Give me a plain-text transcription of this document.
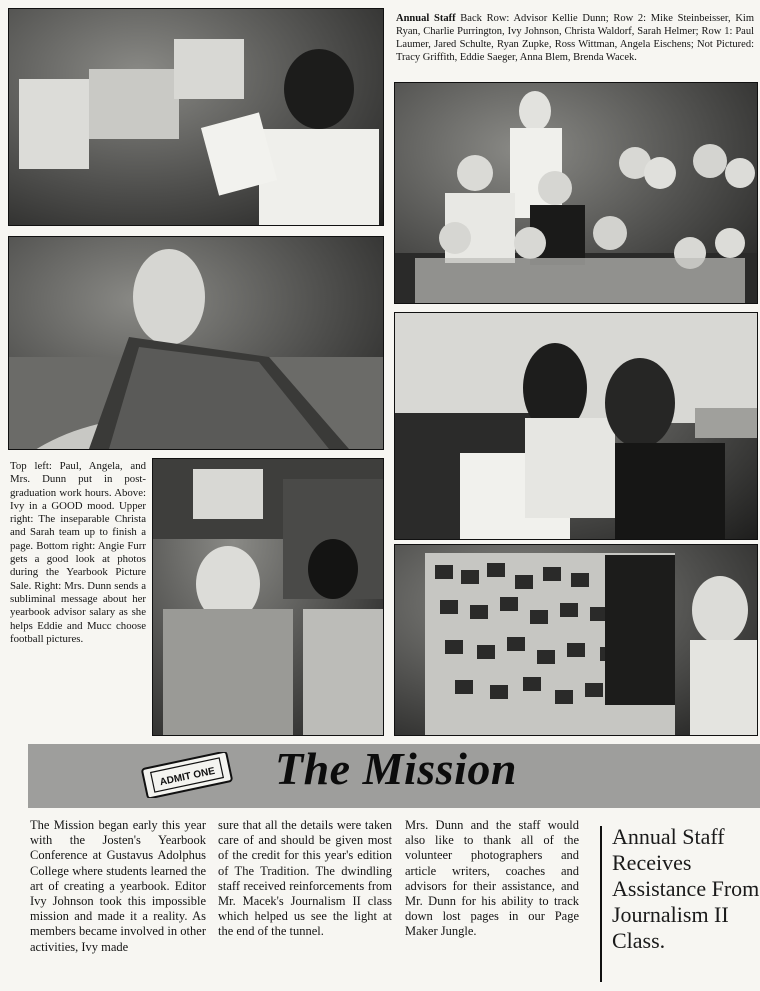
Annual Staff Back Row: Advisor Kellie Dunn; Row 2: Mike Steinbeisser, Kim Ryan, Charlie Purrington, Ivy Johnson, Christa Waldorf, Sarah Helmer; Row 1: Paul Laumer, Jared Schulte, Ryan Zupke, Ross Wittman, Angela Eischens; Not Pictured: Tracy Griffith, Eddie Saeger, Anna Blem, Brenda Wacek.
Top left: Paul, Angela, and Mrs. Dunn put in post-graduation work hours. Above: Ivy in a GOOD mood. Upper right: The inseparable Christa and Sarah team up to finish a page. Bottom right: Angie Furr gets a good look at photos during the Yearbook Picture Sale. Right: Mrs. Dunn sends a subliminal message about her yearbook advisor salary as she helps Eddie and Mucc choose football pictures.
ADMIT ONE The Mission
The Mission began early this year with the Josten's Yearbook Conference at Gustavus Adolphus College where students learned the art of creating a yearbook. Editor Ivy Johnson took this impossible mission and made it a reality. As members became involved in other activities, Ivy made
sure that all the details were taken care of and should be given most of the credit for this year's edition of The Tradition. The dwindling staff received reinforcements from Mr. Macek's Journalism II class which helped us see the light at the end of the tunnel.
Mrs. Dunn and the staff would also like to thank all of the volunteer photographers and article writers, coaches and advisors for their assistance, and Mr. Dunn for his ability to track down lost pages in our Page Maker Jungle.
Annual Staff Receives Assistance From Journalism II Class.
